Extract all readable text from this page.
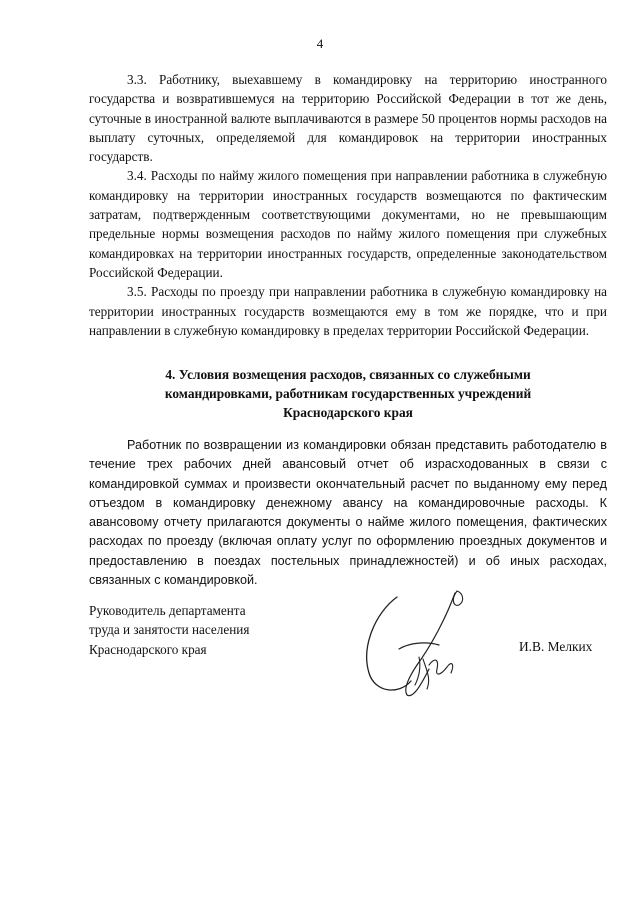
4

3.3. Работнику, выехавшему в командировку на территорию иностранного государства и возвратившемуся на территорию Российской Федерации в тот же день, суточные в иностранной валюте выплачиваются в размере 50 процентов нормы расходов на выплату суточных, определяемой для командировок на территории иностранных государств.

3.4. Расходы по найму жилого помещения при направлении работника в служебную командировку на территории иностранных государств возмещаются по фактическим затратам, подтвержденным соответствующими документами, но не превышающим предельные нормы возмещения расходов по найму жилого помещения при служебных командировках на территории иностранных государств, определенные законодательством Российской Федерации.

3.5. Расходы по проезду при направлении работника в служебную командировку на территории иностранных государств возмещаются ему в том же порядке, что и при направлении в служебную командировку в пределах территории Российской Федерации.

4. Условия возмещения расходов, связанных со служебными
командировками, работникам государственных учреждений
Краснодарского края

Работник по возвращении из командировки обязан представить работодателю в течение трех рабочих дней авансовый отчет об израсходованных в связи с командировкой суммах и произвести окончательный расчет по выданному ему перед отъездом в командировку денежному авансу на командировочные расходы. К авансовому отчету прилагаются документы о найме жилого помещения, фактических расходах по проезду (включая оплату услуг по оформлению проездных документов и предоставлению в поездах постельных принадлежностей) и об иных расходах, связанных с командировкой.

Руководитель департамента
труда и занятости населения
Краснодарского края	И.В. Мелких
